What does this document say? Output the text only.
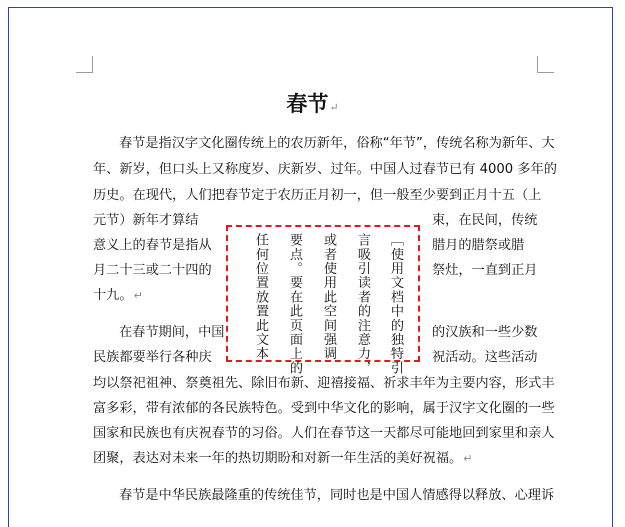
春节↵
春节是指汉字文化圈传统上的农历新年，俗称“年节”，传统名称为新年、大
年、新岁，但口头上又称度岁、庆新岁、过年。中国人过春节已有 4000 多年的
历史。在现代，人们把春节定于农历正月初一，但一般至少要到正月十五（上
元节）新年才算结	束，在民间，传统
意义上的春节是指从	腊月的腊祭或腊
月二十三或二十四的	祭灶，一直到正月
十九。↵
在春节期间，中国	的汉族和一些少数
民族都要举行各种庆	祝活动。这些活动
均以祭祀祖神、祭奠祖先、除旧布新、迎禧接福、祈求丰年为主要内容，形式丰
富多彩，带有浓郁的各民族特色。受到中华文化的影响，属于汉字文化圈的一些
国家和民族也有庆祝春节的习俗。人们在春节这一天都尽可能地回到家里和亲人
团聚，表达对未来一年的热切期盼和对新一年生活的美好祝福。↵
春节是中华民族最隆重的传统佳节，同时也是中国人情感得以释放、心理诉
［使用文档中的独特引
言吸引读者的注意力，
或者使用此空间强调
要点。要在此页面上的
任何位置放置此文本
